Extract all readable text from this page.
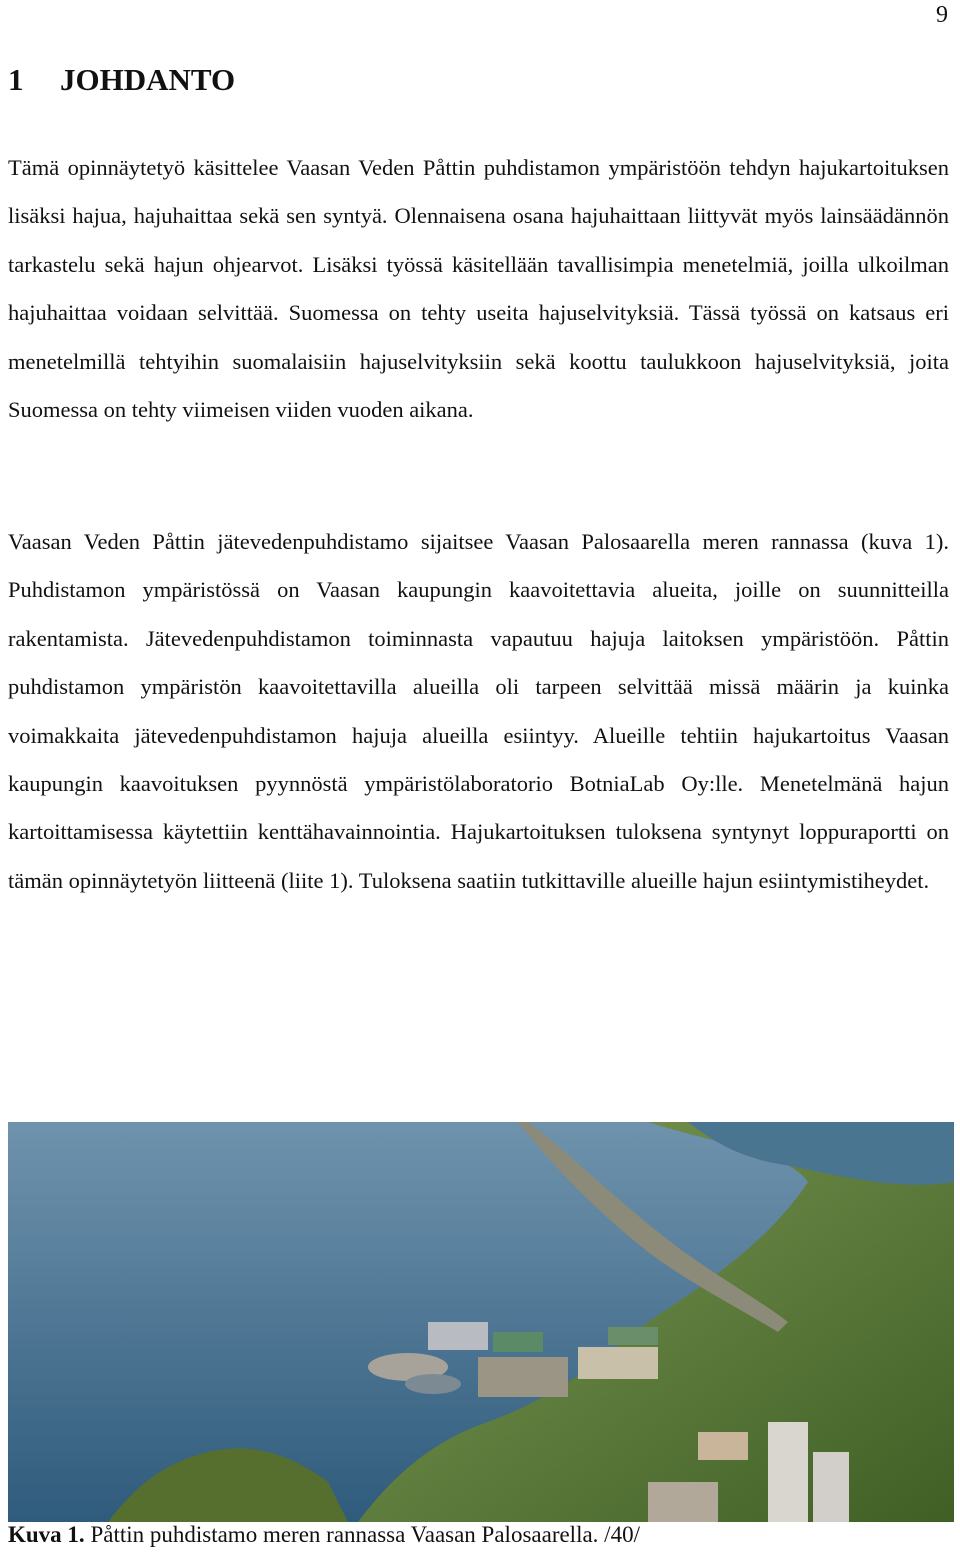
9
1 JOHDANTO

Tämä opinnäytetyö käsittelee Vaasan Veden Påttin puhdistamon ympäristöön tehdyn hajukartoituksen lisäksi hajua, hajuhaittaa sekä sen syntyä. Olennaisena osana hajuhaittaan liittyvät myös lainsäädännön tarkastelu sekä hajun ohjearvot. Lisäksi työssä käsitellään tavallisimpia menetelmiä, joilla ulkoilman hajuhaittaa voidaan selvittää. Suomessa on tehty useita hajuselvityksiä. Tässä työssä on katsaus eri menetelmillä tehtyihin suomalaisiin hajuselvityksiin sekä koottu taulukkoon hajuselvityksiä, joita Suomessa on tehty viimeisen viiden vuoden aikana.

Vaasan Veden Påttin jätevedenpuhdistamo sijaitsee Vaasan Palosaarella meren rannassa (kuva 1). Puhdistamon ympäristössä on Vaasan kaupungin kaavoitettavia alueita, joille on suunnitteilla rakentamista. Jätevedenpuhdistamon toiminnasta vapautuu hajuja laitoksen ympäristöön. Påttin puhdistamon ympäristön kaavoitettavilla alueilla oli tarpeen selvittää missä määrin ja kuinka voimakkaita jätevedenpuhdistamon hajuja alueilla esiintyy. Alueille tehtiin hajukartoitus Vaasan kaupungin kaavoituksen pyynnöstä ympäristölaboratorio BotniaLab Oy:lle. Menetelmänä hajun kartoittamisessa käytettiin kenttähavainnointia. Hajukartoituksen tuloksena syntynyt loppuraportti on tämän opinnäytetyön liitteenä (liite 1). Tuloksena saatiin tutkittaville alueille hajun esiintymistiheydet.

Kuva 1. Påttin puhdistamo meren rannassa Vaasan Palosaarella. /40/
